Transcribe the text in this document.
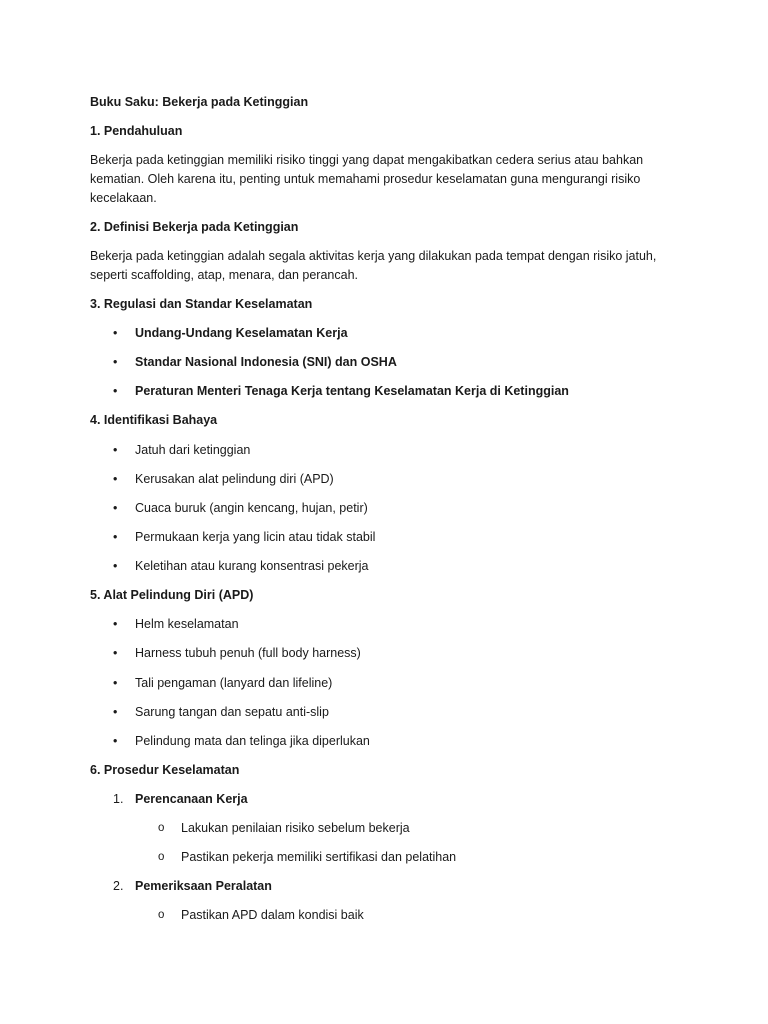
Buku Saku: Bekerja pada Ketinggian
1. Pendahuluan
Bekerja pada ketinggian memiliki risiko tinggi yang dapat mengakibatkan cedera serius atau bahkan
kematian. Oleh karena itu, penting untuk memahami prosedur keselamatan guna mengurangi risiko
kecelakaan.
2. Definisi Bekerja pada Ketinggian
Bekerja pada ketinggian adalah segala aktivitas kerja yang dilakukan pada tempat dengan risiko jatuh,
seperti scaffolding, atap, menara, dan perancah.
3. Regulasi dan Standar Keselamatan
• Undang-Undang Keselamatan Kerja
• Standar Nasional Indonesia (SNI) dan OSHA
• Peraturan Menteri Tenaga Kerja tentang Keselamatan Kerja di Ketinggian
4. Identifikasi Bahaya
• Jatuh dari ketinggian
• Kerusakan alat pelindung diri (APD)
• Cuaca buruk (angin kencang, hujan, petir)
• Permukaan kerja yang licin atau tidak stabil
• Keletihan atau kurang konsentrasi pekerja
5. Alat Pelindung Diri (APD)
• Helm keselamatan
• Harness tubuh penuh (full body harness)
• Tali pengaman (lanyard dan lifeline)
• Sarung tangan dan sepatu anti-slip
• Pelindung mata dan telinga jika diperlukan
6. Prosedur Keselamatan
1. Perencanaan Kerja
o Lakukan penilaian risiko sebelum bekerja
o Pastikan pekerja memiliki sertifikasi dan pelatihan
2. Pemeriksaan Peralatan
o Pastikan APD dalam kondisi baik
